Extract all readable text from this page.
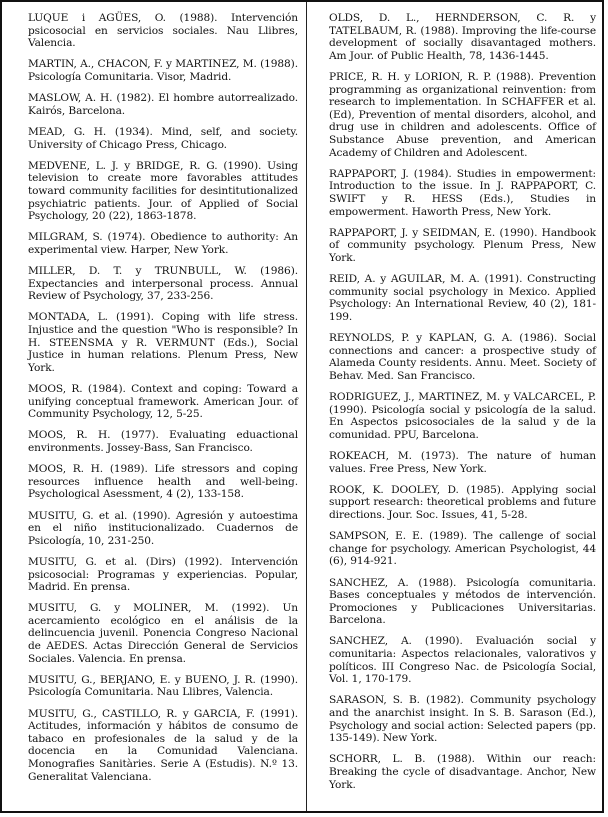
LUQUE i AGÜES, O. (1988). Intervención psicosocial en servicios sociales. Nau Llibres, Valencia.

MARTIN, A., CHACON, F. y MARTINEZ, M. (1988). Psicología Comunitaria. Visor, Madrid.

MASLOW, A. H. (1982). El hombre autorrealizado. Kairós, Barcelona.

MEAD, G. H. (1934). Mind, self, and society. University of Chicago Press, Chicago.

MEDVENE, L. J. y BRIDGE, R. G. (1990). Using television to create more favorables attitudes toward community facilities for desintitutionalized psychiatric patients. Jour. of Applied of Social Psychology, 20 (22), 1863-1878.

MILGRAM, S. (1974). Obedience to authority: An experimental view. Harper, New York.

MILLER, D. T. y TRUNBULL, W. (1986). Expectancies and interpersonal process. Annual Review of Psychology, 37, 233-256.

MONTADA, L. (1991). Coping with life stress. Injustice and the question "Who is responsible? In H. STEENSMA y R. VERMUNT (Eds.), Social Justice in human relations. Plenum Press, New York.

MOOS, R. (1984). Context and coping: Toward a unifying conceptual framework. American Jour. of Community Psychology, 12, 5-25.

MOOS, R. H. (1977). Evaluating eduactional environments. Jossey-Bass, San Francisco.

MOOS, R. H. (1989). Life stressors and coping resources influence health and well-being. Psychological Asessment, 4 (2), 133-158.

MUSITU, G. et al. (1990). Agresión y autoestima en el niño institucionalizado. Cuadernos de Psicología, 10, 231-250.

MUSITU, G. et al. (Dirs) (1992). Intervención psicosocial: Programas y experiencias. Popular, Madrid. En prensa.

MUSITU, G. y MOLINER, M. (1992). Un acercamiento ecológico en el análisis de la delincuencia juvenil. Ponencia Congreso Nacional de AEDES. Actas Dirección General de Servicios Sociales. Valencia. En prensa.

MUSITU, G., BERJANO, E. y BUENO, J. R. (1990). Psicología Comunitaria. Nau Llibres, Valencia.

MUSITU, G., CASTILLO, R. y GARCIA, F. (1991). Actitudes, información y hábitos de consumo de tabaco en profesionales de la salud y de la docencia en la Comunidad Valenciana. Monografies Sanitàries. Serie A (Estudis). N.º 13. Generalitat Valenciana.

OLDS, D. L., HERNDERSON, C. R. y TATELBAUM, R. (1988). Improving the life-course development of socially disavantaged mothers. Am Jour. of Public Health, 78, 1436-1445.

PRICE, R. H. y LORION, R. P. (1988). Prevention programming as organizational reinvention: from research to implementation. In SCHAFFER et al. (Ed), Prevention of mental disorders, alcohol, and drug use in children and adolescents. Office of Substance Abuse prevention, and American Academy of Children and Adolescent.

RAPPAPORT, J. (1984). Studies in empowerment: Introduction to the issue. In J. RAPPAPORT, C. SWIFT y R. HESS (Eds.), Studies in empowerment. Haworth Press, New York.

RAPPAPORT, J. y SEIDMAN, E. (1990). Handbook of community psychology. Plenum Press, New York.

REID, A. y AGUILAR, M. A. (1991). Constructing community social psychology in Mexico. Applied Psychology: An International Review, 40 (2), 181-199.

REYNOLDS, P. y KAPLAN, G. A. (1986). Social connections and cancer: a prospective study of Alameda County residents. Annu. Meet. Society of Behav. Med. San Francisco.

RODRIGUEZ, J., MARTINEZ, M. y VALCARCEL, P. (1990). Psicología social y psicología de la salud. En Aspectos psicosociales de la salud y de la comunidad. PPU, Barcelona.

ROKEACH, M. (1973). The nature of human values. Free Press, New York.

ROOK, K. DOOLEY, D. (1985). Applying social support research: theoretical problems and future directions. Jour. Soc. Issues, 41, 5-28.

SAMPSON, E. E. (1989). The callenge of social change for psychology. American Psychologist, 44 (6), 914-921.

SANCHEZ, A. (1988). Psicología comunitaria. Bases conceptuales y métodos de intervención. Promociones y Publicaciones Universitarias. Barcelona.

SANCHEZ, A. (1990). Evaluación social y comunitaria: Aspectos relacionales, valorativos y políticos. III Congreso Nac. de Psicología Social, Vol. 1, 170-179.

SARASON, S. B. (1982). Community psychology and the anarchist insight. In S. B. Sarason (Ed.), Psychology and social action: Selected papers (pp. 135-149). New York.

SCHORR, L. B. (1988). Within our reach: Breaking the cycle of disadvantage. Anchor, New York.
